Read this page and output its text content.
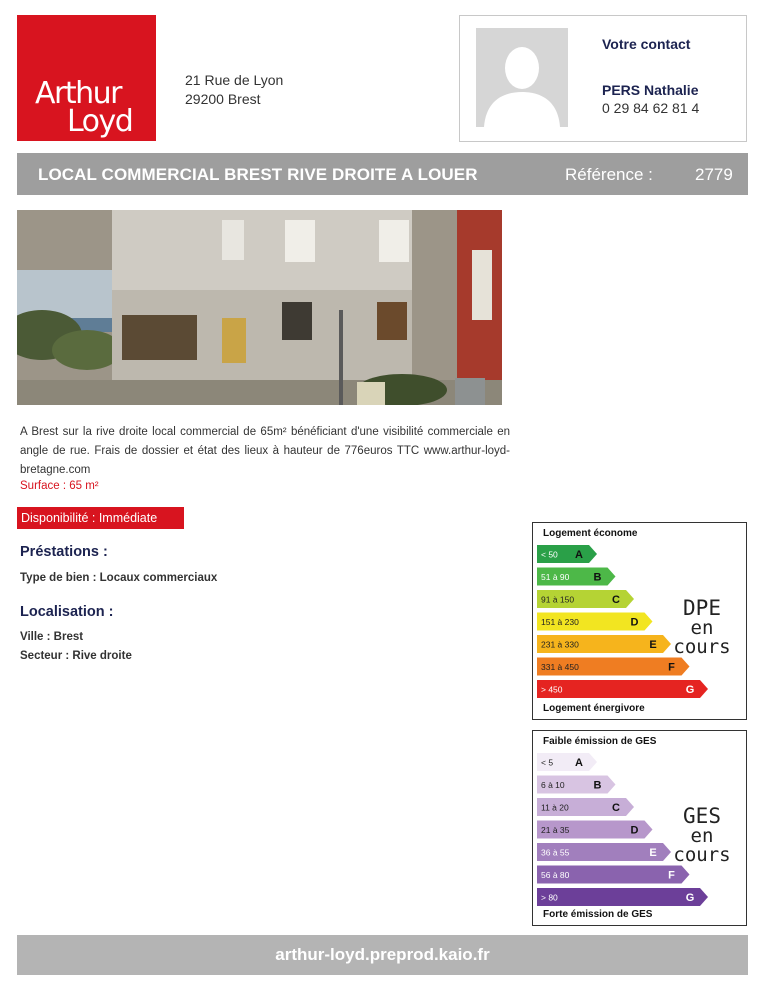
Arthur
Loyd
21 Rue de Lyon
29200 Brest
Votre contact
PERS Nathalie
0 29 84 62 81 4
LOCAL COMMERCIAL BREST RIVE DROITE A LOUER	Référence : 2779
A Brest sur la rive droite local commercial de 65m² bénéficiant d'une visibilité commerciale en angle de rue. Frais de dossier et état des lieux à hauteur de 776euros TTC www.arthur-loyd-bretagne.com
Surface : 65 m²
Disponibilité : Immédiate
Préstations :
Type de bien : Locaux commerciaux
Localisation :
Ville : Brest
Secteur : Rive droite
Logement économe
< 50 A
51 à 90 B
91 à 150	C
151 à 230	D
231 à 330	E
331 à 450	F
> 450	G
DPE
en
cours
Logement énergivore
Faible émission de GES
< 5 A
6 à 10	B
11 à 20	C
21 à 35	D
36 à 55	E
56 à 80	F
> 80	G
GES
en
cours
Forte émission de GES
arthur-loyd.preprod.kaio.fr
